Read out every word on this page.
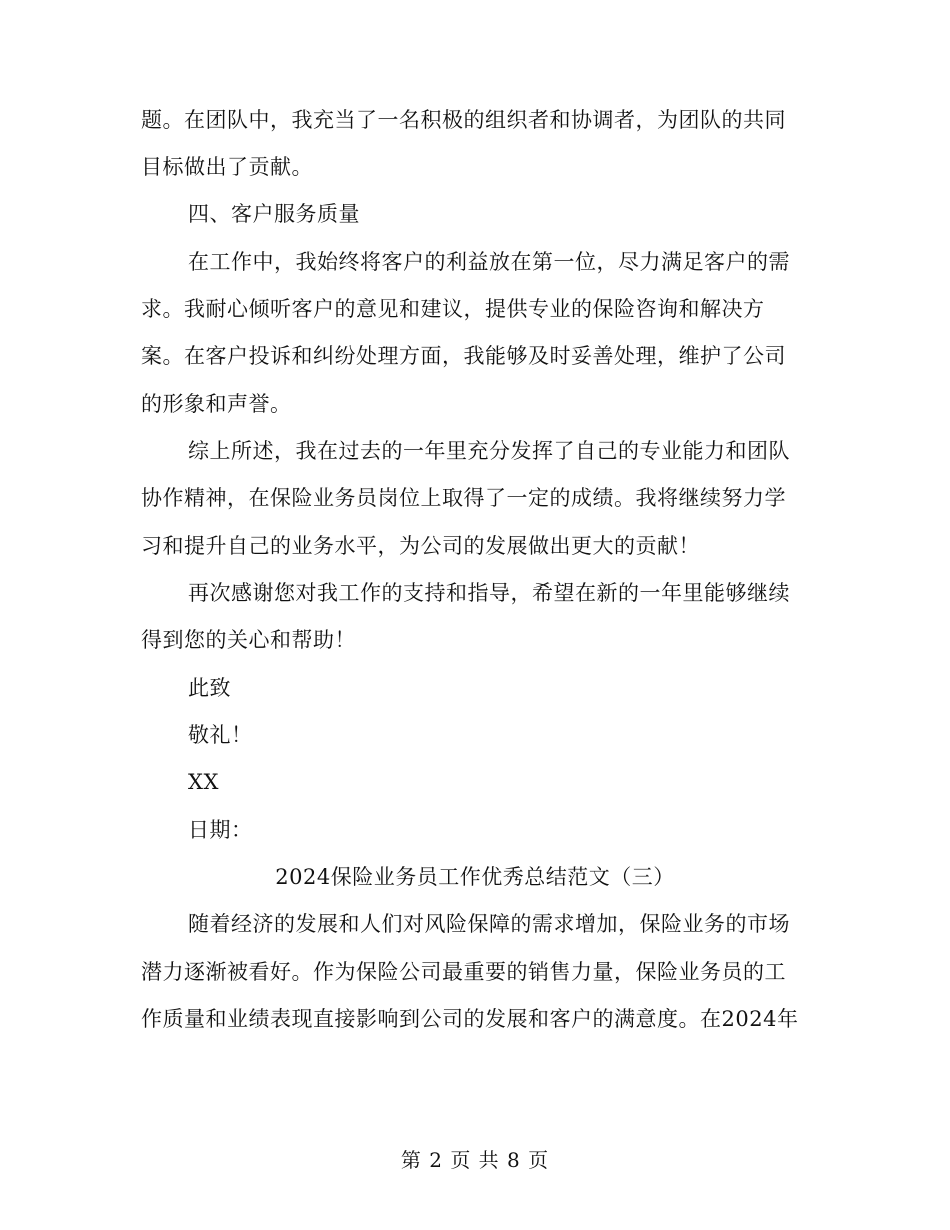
题。在团队中，我充当了一名积极的组织者和协调者，为团队的共同
目标做出了贡献。
四、客户服务质量
在工作中，我始终将客户的利益放在第一位，尽力满足客户的需
求。我耐心倾听客户的意见和建议，提供专业的保险咨询和解决方
案。在客户投诉和纠纷处理方面，我能够及时妥善处理，维护了公司
的形象和声誉。
综上所述，我在过去的一年里充分发挥了自己的专业能力和团队
协作精神，在保险业务员岗位上取得了一定的成绩。我将继续努力学
习和提升自己的业务水平，为公司的发展做出更大的贡献！
再次感谢您对我工作的支持和指导，希望在新的一年里能够继续
得到您的关心和帮助！
此致
敬礼！
XX
日期：
2024保险业务员工作优秀总结范文（三）
随着经济的发展和人们对风险保障的需求增加，保险业务的市场
潜力逐渐被看好。作为保险公司最重要的销售力量，保险业务员的工
作质量和业绩表现直接影响到公司的发展和客户的满意度。在2024年
第 2 页 共 8 页
